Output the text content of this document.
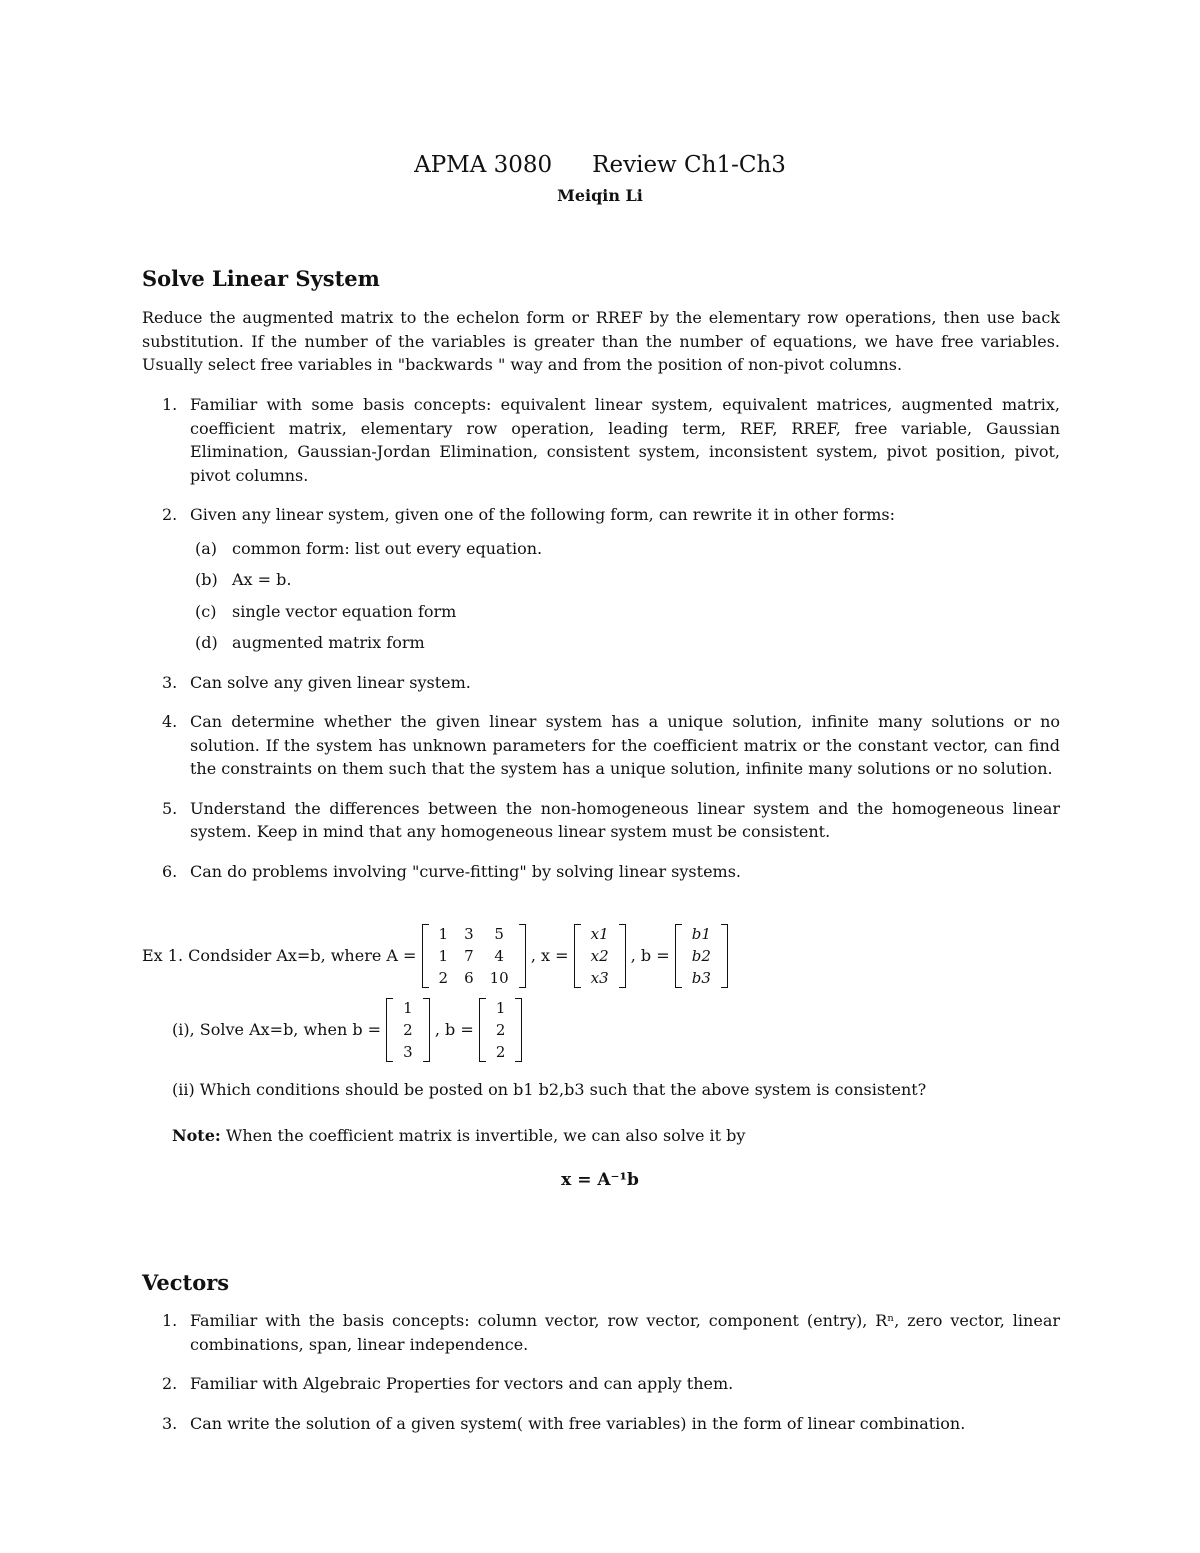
APMA 3080 Review Ch1-Ch3
Meiqin Li
Solve Linear System

Reduce the augmented matrix to the echelon form or RREF by the elementary row operations, then use back substitution. If the number of the variables is greater than the number of equations, we have free variables. Usually select free variables in "backwards " way and from the position of non-pivot columns.

1. Familiar with some basis concepts: equivalent linear system, equivalent matrices, augmented matrix, coefficient matrix, elementary row operation, leading term, REF, RREF, free variable, Gaussian Elimination, Gaussian-Jordan Elimination, consistent system, inconsistent system, pivot position, pivot, pivot columns.
2. Given any linear system, given one of the following form, can rewrite it in other forms:
(a) common form: list out every equation.
(b) Ax = b.
(c) single vector equation form
(d) augmented matrix form
3. Can solve any given linear system.
4. Can determine whether the given linear system has a unique solution, infinite many solutions or no solution. If the system has unknown parameters for the coefficient matrix or the constant vector, can find the constraints on them such that the system has a unique solution, infinite many solutions or no solution.
5. Understand the differences between the non-homogeneous linear system and the homogeneous linear system. Keep in mind that any homogeneous linear system must be consistent.
6. Can do problems involving "curve-fitting" by solving linear systems.
Ex 1. Condsider Ax=b, where A =
1 3	5
1 7	4
2 6 10
, x =
x1
x2
x3
, b =
b1
b2
b3
(i), Solve Ax=b, when b =
1
2
3
, b =
1
2
2
(ii) Which conditions should be posted on b1 b2,b3 such that the above system is consistent?
Note: When the coefficient matrix is invertible, we can also solve it by
x = A⁻¹b
Vectors
1. Familiar with the basis concepts: column vector, row vector, component (entry), Rⁿ, zero vector, linear combinations, span, linear independence.
2. Familiar with Algebraic Properties for vectors and can apply them.
3. Can write the solution of a given system( with free variables) in the form of linear combination.
